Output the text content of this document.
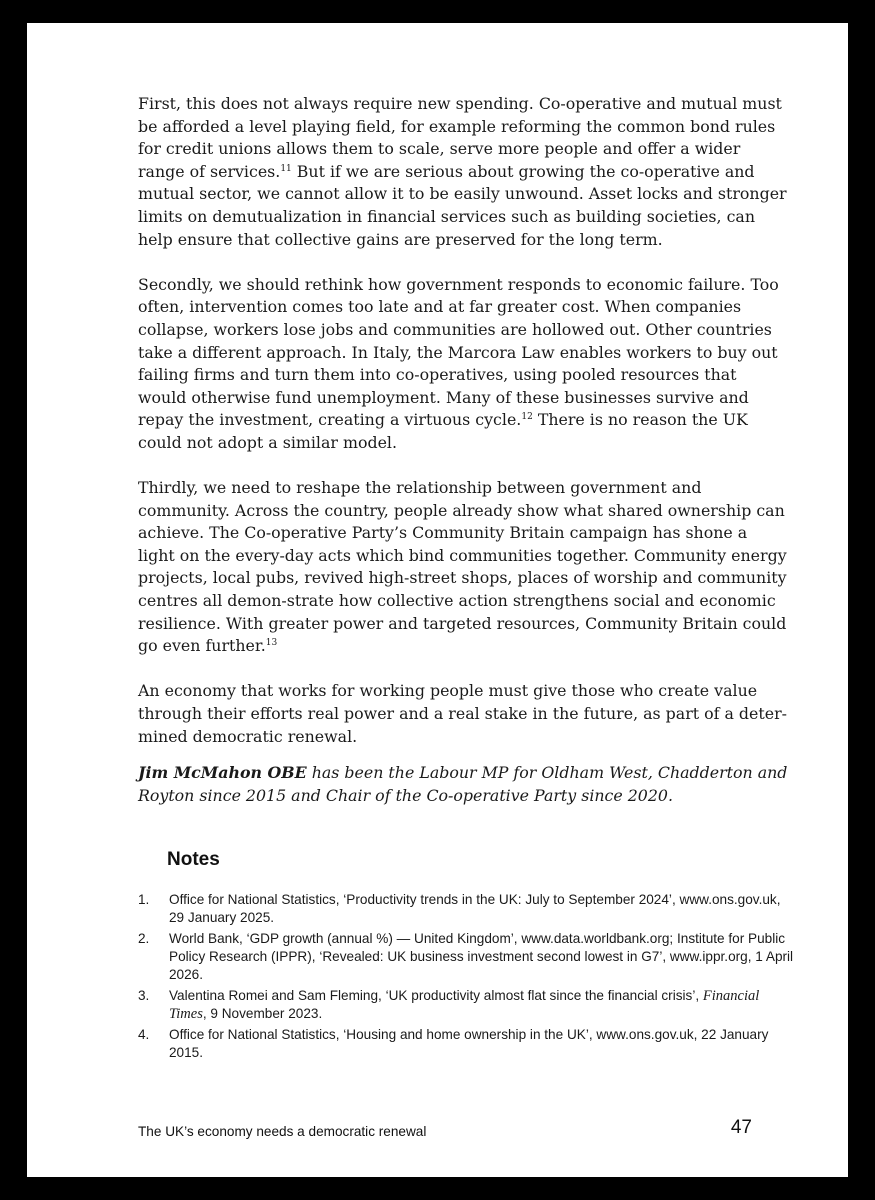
First, this does not always require new spending. Co-operative and mutual must be afforded a level playing field, for example reforming the common bond rules for credit unions allows them to scale, serve more people and offer a wider range of services.$^{11}$ But if we are serious about growing the co-operative and mutual sector, we cannot allow it to be easily unwound. Asset locks and stronger limits on demutualization in financial services such as building societies, can help ensure that collective gains are preserved for the long term.

Secondly, we should rethink how government responds to economic failure. Too often, intervention comes too late and at far greater cost. When companies collapse, workers lose jobs and communities are hollowed out. Other countries take a different approach. In Italy, the Marcora Law enables workers to buy out failing firms and turn them into co-operatives, using pooled resources that would otherwise fund unemployment. Many of these businesses survive and repay the investment, creating a virtuous cycle.$^{12}$ There is no reason the UK could not adopt a similar model.

Thirdly, we need to reshape the relationship between government and community. Across the country, people already show what shared ownership can achieve. The Co-operative Party’s Community Britain campaign has shone a light on the every-day acts which bind communities together. Community energy projects, local pubs, revived high-street shops, places of worship and community centres all demon-strate how collective action strengthens social and economic resilience. With greater power and targeted resources, Community Britain could go even further.$^{13}$

An economy that works for working people must give those who create value through their efforts real power and a real stake in the future, as part of a deter-mined democratic renewal.

Jim McMahon OBE has been the Labour MP for Oldham West, Chadderton and Royton since 2015 and Chair of the Co-operative Party since 2020.
Notes
1.	Office for National Statistics, ‘Productivity trends in the UK: July to September 2024’, www.ons.gov.uk, 29 January 2025.
2.	World Bank, ‘GDP growth (annual %) — United Kingdom’, www.data.worldbank.org; Institute for Public Policy Research (IPPR), ‘Revealed: UK business investment second lowest in G7’, www.ippr.org, 1 April 2026.
3.	Valentina Romei and Sam Fleming, ‘UK productivity almost flat since the financial crisis’, Financial Times, 9 November 2023.
4.	Office for National Statistics, ‘Housing and home ownership in the UK’, www.ons.gov.uk, 22 January 2015.
The UK’s economy needs a democratic renewal	47
